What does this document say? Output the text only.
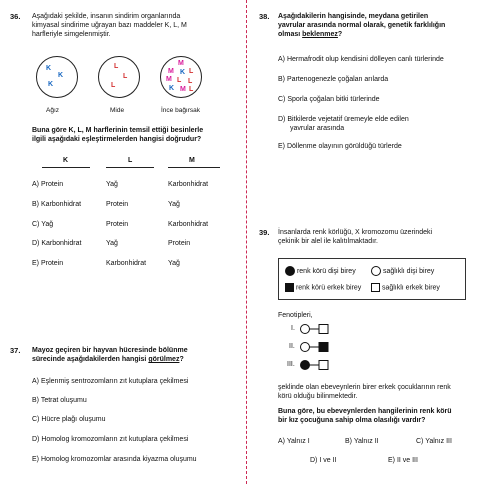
36. Aşağıdaki şekilde, insanın sindirim organlarında
kimyasal sindirime uğrayan bazı maddeler K, L, M
harfleriyle simgelenmiştir.
K
K
K
L
L
L
M
M K L
M L L
K M L
Ağız	Mide	İnce bağırsak
Buna göre K, L, M harflerinin temsil ettiği besinlerle
ilgili aşağıdaki eşleştirmelerden hangisi doğrudur?
K	L	M
A) Protein	Yağ	Karbonhidrat
B) Karbonhidrat	Protein	Yağ
C) Yağ	Protein	Karbonhidrat
D) Karbonhidrat	Yağ	Protein
E) Protein	Karbonhidrat	Yağ
37. Mayoz geçiren bir hayvan hücresinde bölünme
sürecinde aşağıdakilerden hangisi görülmez?
A) Eşlenmiş sentrozomların zıt kutuplara çekilmesi
B) Tetrat oluşumu
C) Hücre plağı oluşumu
D) Homolog kromozomların zıt kutuplara çekilmesi
E) Homolog kromozomlar arasında kiyazma oluşumu
38. Aşağıdakilerin hangisinde, meydana getirilen
yavrular arasında normal olarak, genetik farklılığın
olması beklenmez?
A) Hermafrodit olup kendisini dölleyen canlı türlerinde
B) Partenogenezle çoğalan arılarda
C) Sporla çoğalan bitki türlerinde
D) Bitkilerde vejetatif üremeyle elde edilen
yavrular arasında
E) Döllenme olayının görüldüğü türlerde
39. İnsanlarda renk körlüğü, X kromozomu üzerindeki
çekinik bir alel ile kalıtılmaktadır.
renk körü dişi birey	sağlıklı dişi birey
renk körü erkek birey	sağlıklı erkek birey
Fenotipleri,
I.
II.
III.
şeklinde olan ebeveynlerin birer erkek çocuklarının renk
körü olduğu bilinmektedir.
Buna göre, bu ebeveynlerden hangilerinin renk körü
bir kız çocuğuna sahip olma olasılığı vardır?
A) Yalnız I	B) Yalnız II	C) Yalnız III
D) I ve II	E) II ve III
